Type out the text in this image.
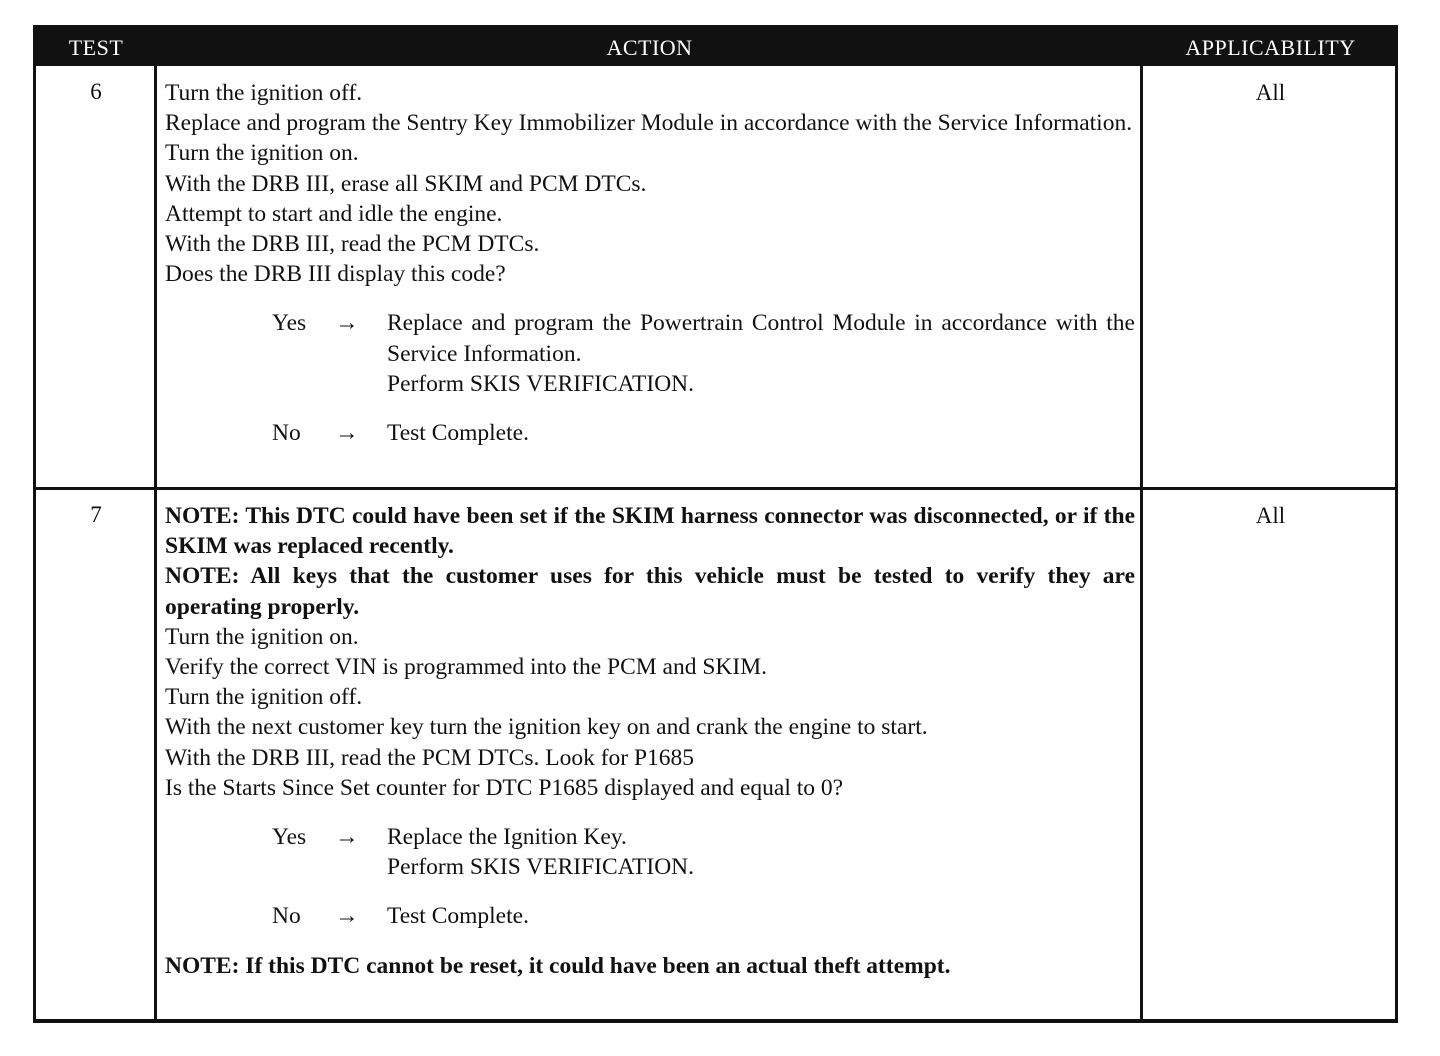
TEST	ACTION	APPLICABILITY
6	Turn the ignition off.
Replace and program the Sentry Key Immobilizer Module in accordance with the Service Information.
Turn the ignition on.
With the DRB III, erase all SKIM and PCM DTCs.
Attempt to start and idle the engine.
With the DRB III, read the PCM DTCs.
Does the DRB III display this code?
Yes	→ Replace and program the Powertrain Control Module in accordance with the Service Information.
Perform SKIS VERIFICATION.
No	→ Test Complete.
All
7	NOTE: This DTC could have been set if the SKIM harness connector was disconnected, or if the SKIM was replaced recently.
NOTE: All keys that the customer uses for this vehicle must be tested to verify they are operating properly.
Turn the ignition on.
Verify the correct VIN is programmed into the PCM and SKIM.
Turn the ignition off.
With the next customer key turn the ignition key on and crank the engine to start.
With the DRB III, read the PCM DTCs. Look for P1685
Is the Starts Since Set counter for DTC P1685 displayed and equal to 0?
Yes	→ Replace the Ignition Key.
Perform SKIS VERIFICATION.
No	→ Test Complete.
NOTE: If this DTC cannot be reset, it could have been an actual theft attempt.
All
